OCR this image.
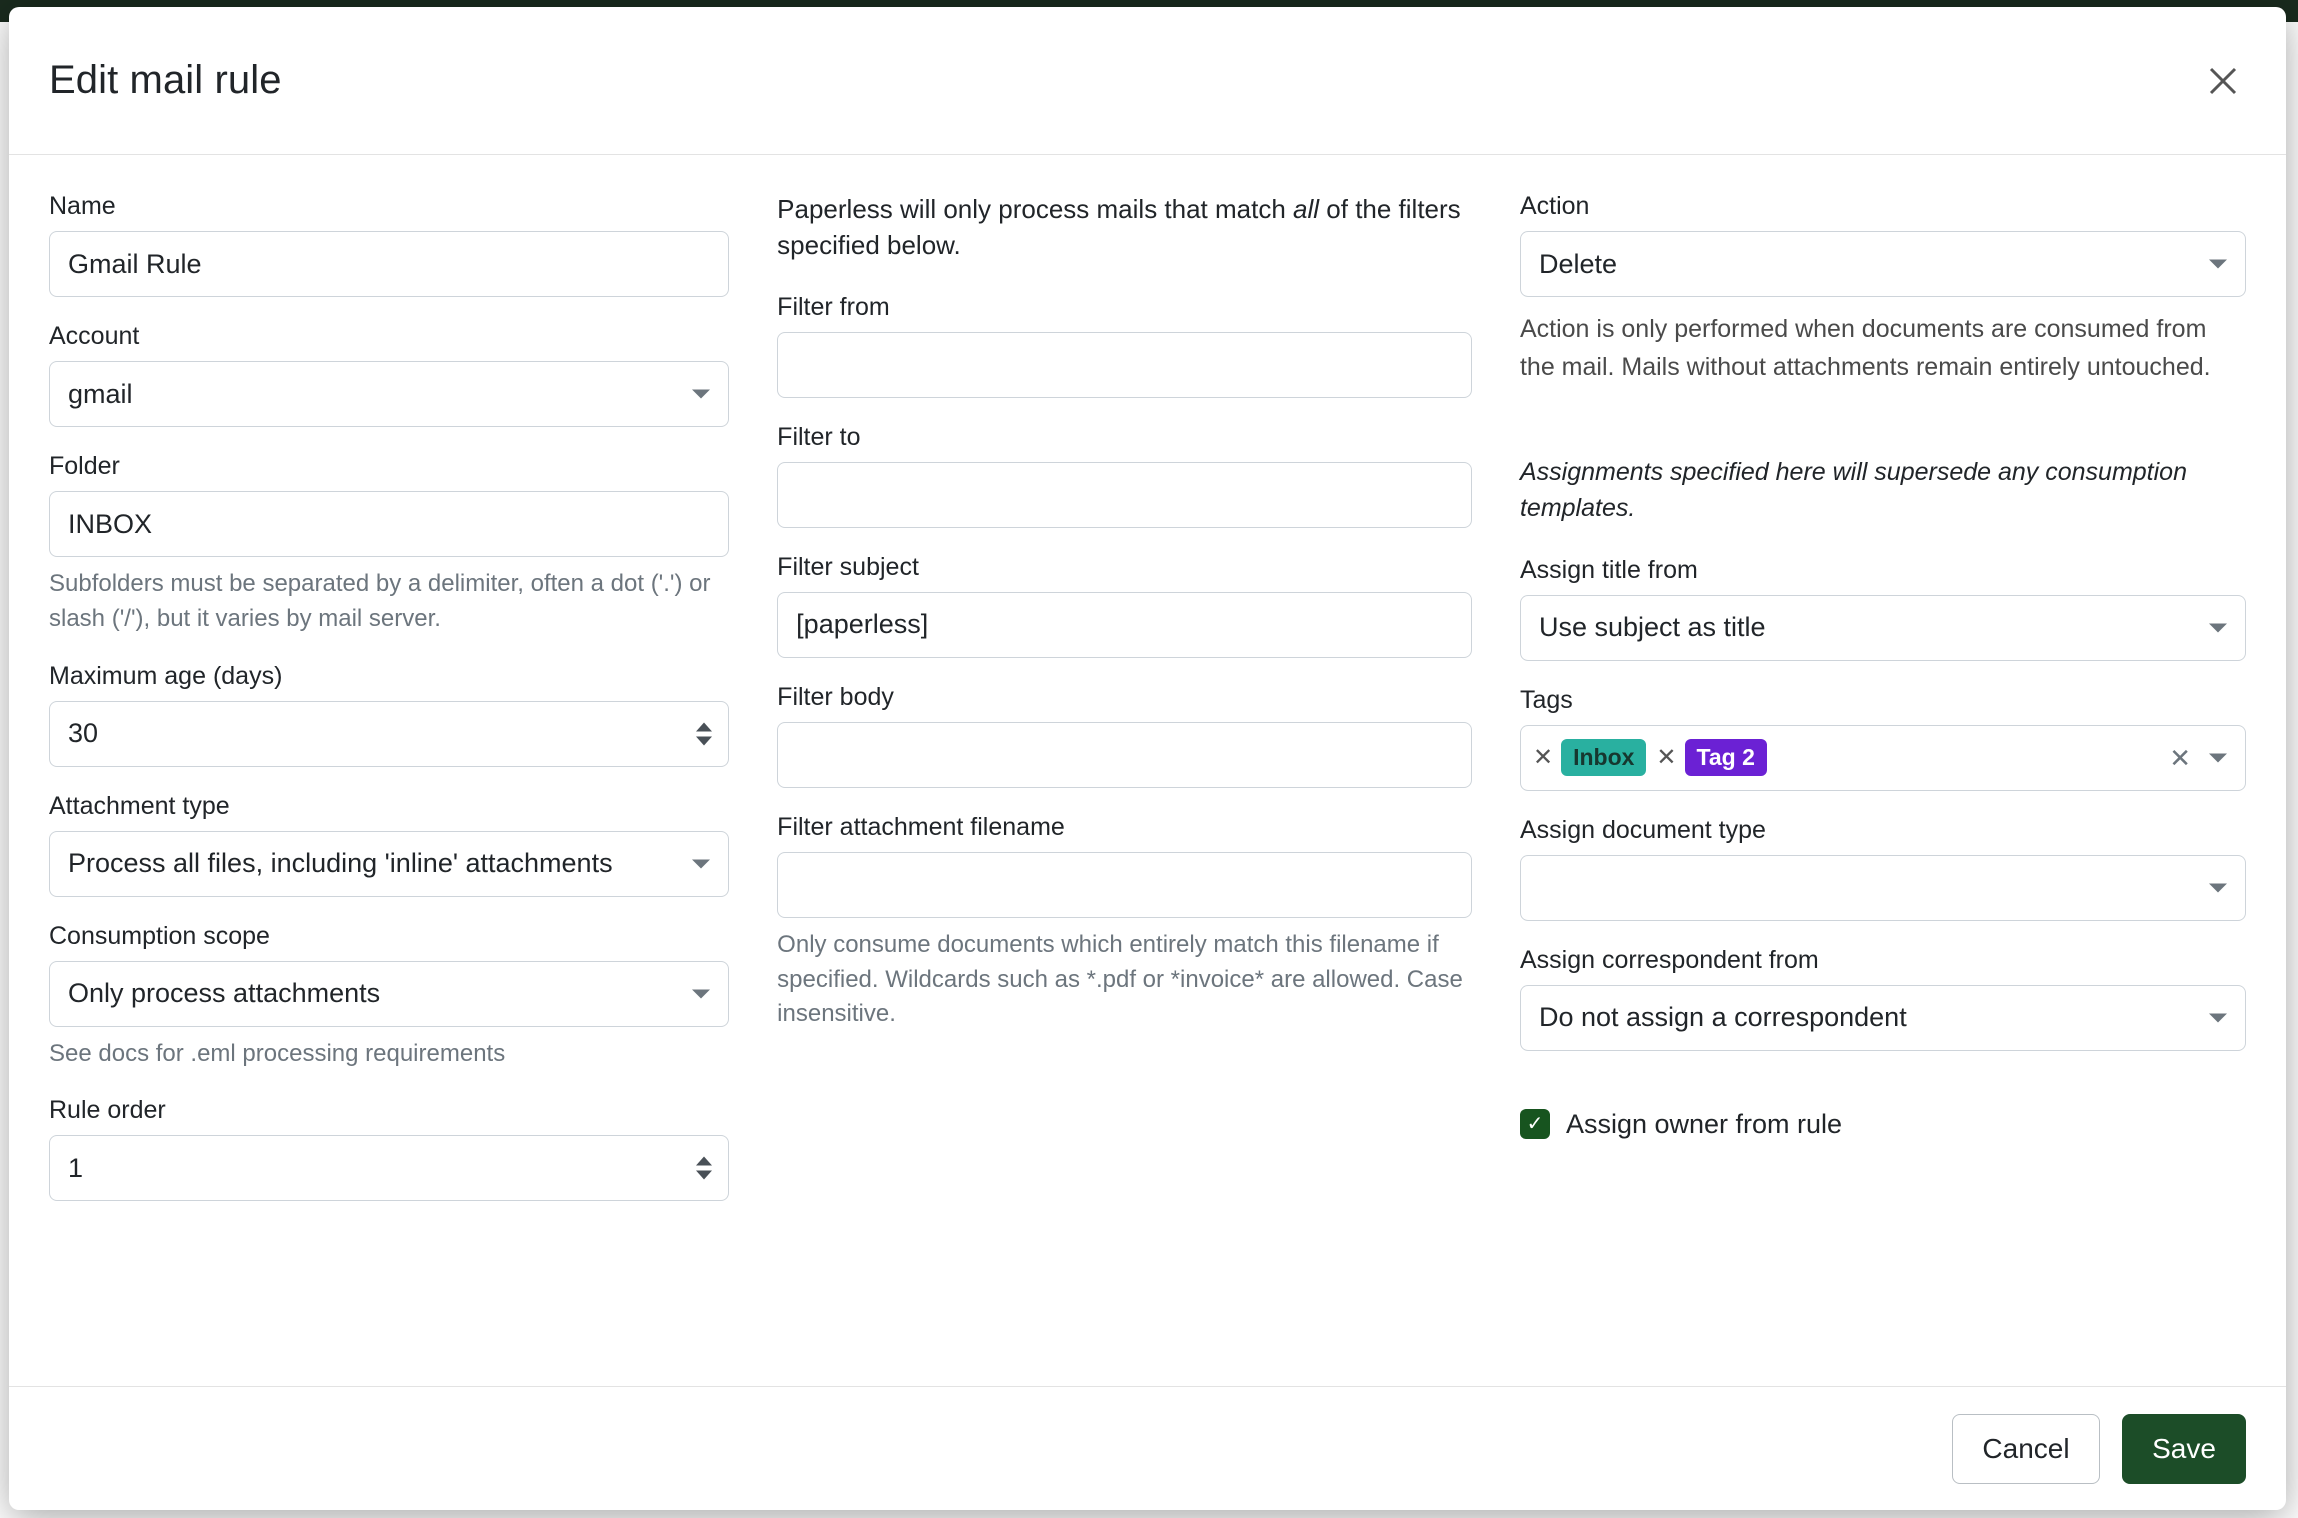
Edit mail rule
Name
Gmail Rule
Account
gmail
Folder
INBOX
Subfolders must be separated by a delimiter, often a dot ('.') or slash ('/'), but it varies by mail server.
Maximum age (days)
30
Attachment type
Process all files, including 'inline' attachments
Consumption scope
Only process attachments
See docs for .eml processing requirements
Rule order
1
Paperless will only process mails that match all of the filters specified below.
Filter from
Filter to
Filter subject
[paperless]
Filter body
Filter attachment filename
Only consume documents which entirely match this filename if specified. Wildcards such as *.pdf or *invoice* are allowed. Case insensitive.
Action
Delete
Action is only performed when documents are consumed from the mail. Mails without attachments remain entirely untouched.
Assignments specified here will supersede any consumption templates.
Assign title from
Use subject as title
Tags
✕ Inbox ✕ Tag 2	✕
Assign document type
Assign correspondent from
Do not assign a correspondent
✓ Assign owner from rule
Cancel	Save
